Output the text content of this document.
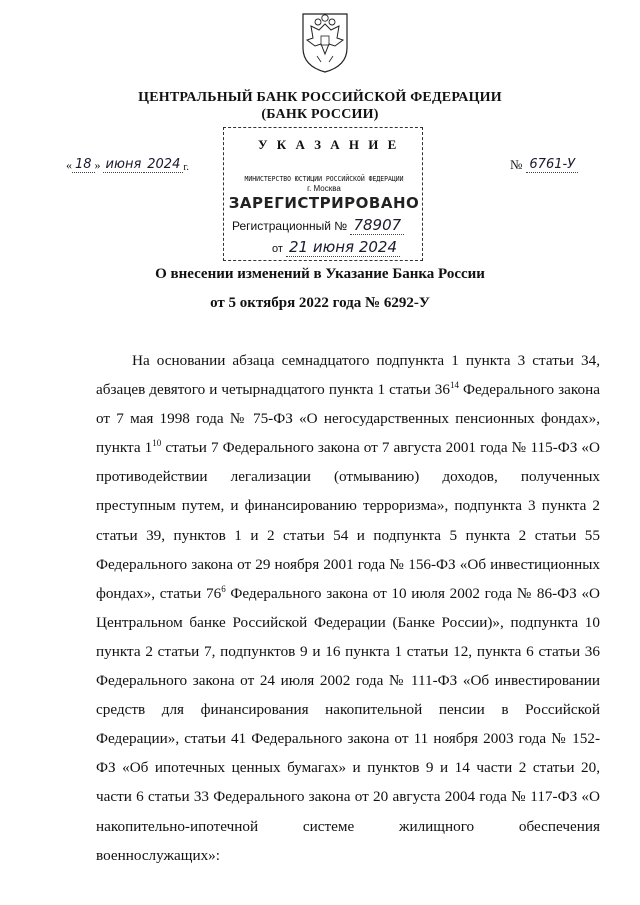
ЦЕНТРАЛЬНЫЙ БАНК РОССИЙСКОЙ ФЕДЕРАЦИИ
(БАНК РОССИИ)
У К А З А Н И Е
« 18 » июня 2024 г.	№ 6761-У
МИНИСТЕРСТВО ЮСТИЦИИ РОССИЙСКОЙ ФЕДЕРАЦИИ
г. Москва
ЗАРЕГИСТРИРОВАНО
Регистрационный № 78907
от 21 июня 2024
О внесении изменений в Указание Банка России
от 5 октября 2022 года № 6292-У

На основании абзаца семнадцатого подпункта 1 пункта 3 статьи 34, абзацев девятого и четырнадцатого пункта 1 статьи $36^{14}$ Федерального закона от 7 мая 1998 года № 75-ФЗ «О негосударственных пенсионных фондах», пункта $1^{10}$ статьи 7 Федерального закона от 7 августа 2001 года № 115-ФЗ «О противодействии легализации (отмыванию) доходов, полученных преступным путем, и финансированию терроризма», подпункта 3 пункта 2 статьи 39, пунктов 1 и 2 статьи 54 и подпункта 5 пункта 2 статьи 55 Федерального закона от 29 ноября 2001 года № 156-ФЗ «Об инвестиционных фондах», статьи $76^6$ Федерального закона от 10 июля 2002 года № 86-ФЗ «О Центральном банке Российской Федерации (Банке России)», подпункта 10 пункта 2 статьи 7, подпунктов 9 и 16 пункта 1 статьи 12, пункта 6 статьи 36 Федерального закона от 24 июля 2002 года № 111-ФЗ «Об инвестировании средств для финансирования накопительной пенсии в Российской Федерации», статьи 41 Федерального закона от 11 ноября 2003 года № 152-ФЗ «Об ипотечных ценных бумагах» и пунктов 9 и 14 части 2 статьи 20, части 6 статьи 33 Федерального закона от 20 августа 2004 года № 117-ФЗ «О накопительно-ипотечной системе жилищного обеспечения военнослужащих»:
